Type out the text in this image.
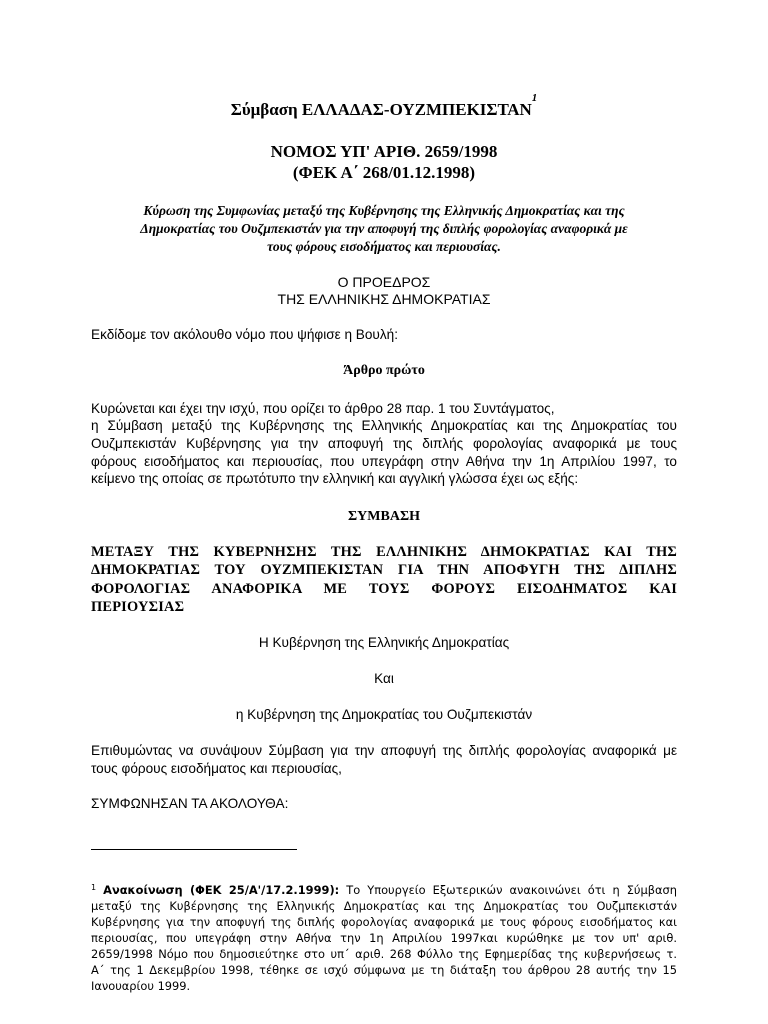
Σύμβαση ΕΛΛΑΔΑΣ-ΟΥΖΜΠΕΚΙΣΤΑΝ$^1$
ΝΟΜΟΣ ΥΠ' ΑΡΙΘ. 2659/1998
(ΦΕΚ Α΄ 268/01.12.1998)
Κύρωση της Συμφωνίας μεταξύ της Κυβέρνησης της Ελληνικής Δημοκρατίας και της
Δημοκρατίας του Ουζμπεκιστάν για την αποφυγή της διπλής φορολογίας αναφορικά με
τους φόρους εισοδήματος και περιουσίας.
Ο ΠΡΟΕΔΡΟΣ
ΤΗΣ ΕΛΛΗΝΙΚΗΣ ΔΗΜΟΚΡΑΤΙΑΣ
Εκδίδομε τον ακόλουθο νόμο που ψήφισε η Βουλή:
Άρθρο πρώτο
Κυρώνεται και έχει την ισχύ, που ορίζει το άρθρο 28 παρ. 1 του Συντάγματος,
η Σύμβαση μεταξύ της Κυβέρνησης της Ελληνικής Δημοκρατίας και της Δημοκρατίας του
Ουζμπεκιστάν Κυβέρνησης για την αποφυγή της διπλής φορολογίας αναφορικά με τους
φόρους εισοδήματος και περιουσίας, που υπεγράφη στην Αθήνα την 1η Απριλίου 1997, το
κείμενο της οποίας σε πρωτότυπο την ελληνική και αγγλική γλώσσα έχει ως εξής:
ΣΥΜΒΑΣΗ
ΜΕΤΑΞΥ ΤΗΣ ΚΥΒΕΡΝΗΣΗΣ ΤΗΣ ΕΛΛΗΝΙΚΗΣ ΔΗΜΟΚΡΑΤΙΑΣ ΚΑΙ ΤΗΣ
ΔΗΜΟΚΡΑΤΙΑΣ ΤΟΥ ΟΥΖΜΠΕΚΙΣΤΑΝ ΓΙΑ ΤΗΝ ΑΠΟΦΥΓΗ ΤΗΣ ΔΙΠΛΗΣ
ΦΟΡΟΛΟΓΙΑΣ ΑΝΑΦΟΡΙΚΑ ΜΕ ΤΟΥΣ ΦΟΡΟΥΣ ΕΙΣΟΔΗΜΑΤΟΣ ΚΑΙ
ΠΕΡΙΟΥΣΙΑΣ
Η Κυβέρνηση της Ελληνικής Δημοκρατίας
Και
η Κυβέρνηση της Δημοκρατίας του Ουζμπεκιστάν
Επιθυμώντας να συνάψουν Σύμβαση για την αποφυγή της διπλής φορολογίας αναφορικά με
τους φόρους εισοδήματος και περιουσίας,
ΣΥΜΦΩΝΗΣΑΝ ΤΑ ΑΚΟΛΟΥΘΑ:
$^1$ Ανακοίνωση (ΦΕΚ 25/Α'/17.2.1999): Το Υπουργείο Εξωτερικών ανακοινώνει ότι η Σύμβαση
μεταξύ της Κυβέρνησης της Ελληνικής Δημοκρατίας και της Δημοκρατίας του Ουζμπεκιστάν
Κυβέρνησης για την αποφυγή της διπλής φορολογίας αναφορικά με τους φόρους εισοδήματος και
περιουσίας, που υπεγράφη στην Αθήνα την 1η Απριλίου 1997και κυρώθηκε με τον υπ' αριθ.
2659/1998 Νόμο που δημοσιεύτηκε στο υπ΄ αριθ. 268 Φύλλο της Εφημερίδας της κυβερνήσεως τ.
Α΄ της 1 Δεκεμβρίου 1998, τέθηκε σε ισχύ σύμφωνα με τη διάταξη του άρθρου 28 αυτής την 15
Ιανουαρίου 1999.
